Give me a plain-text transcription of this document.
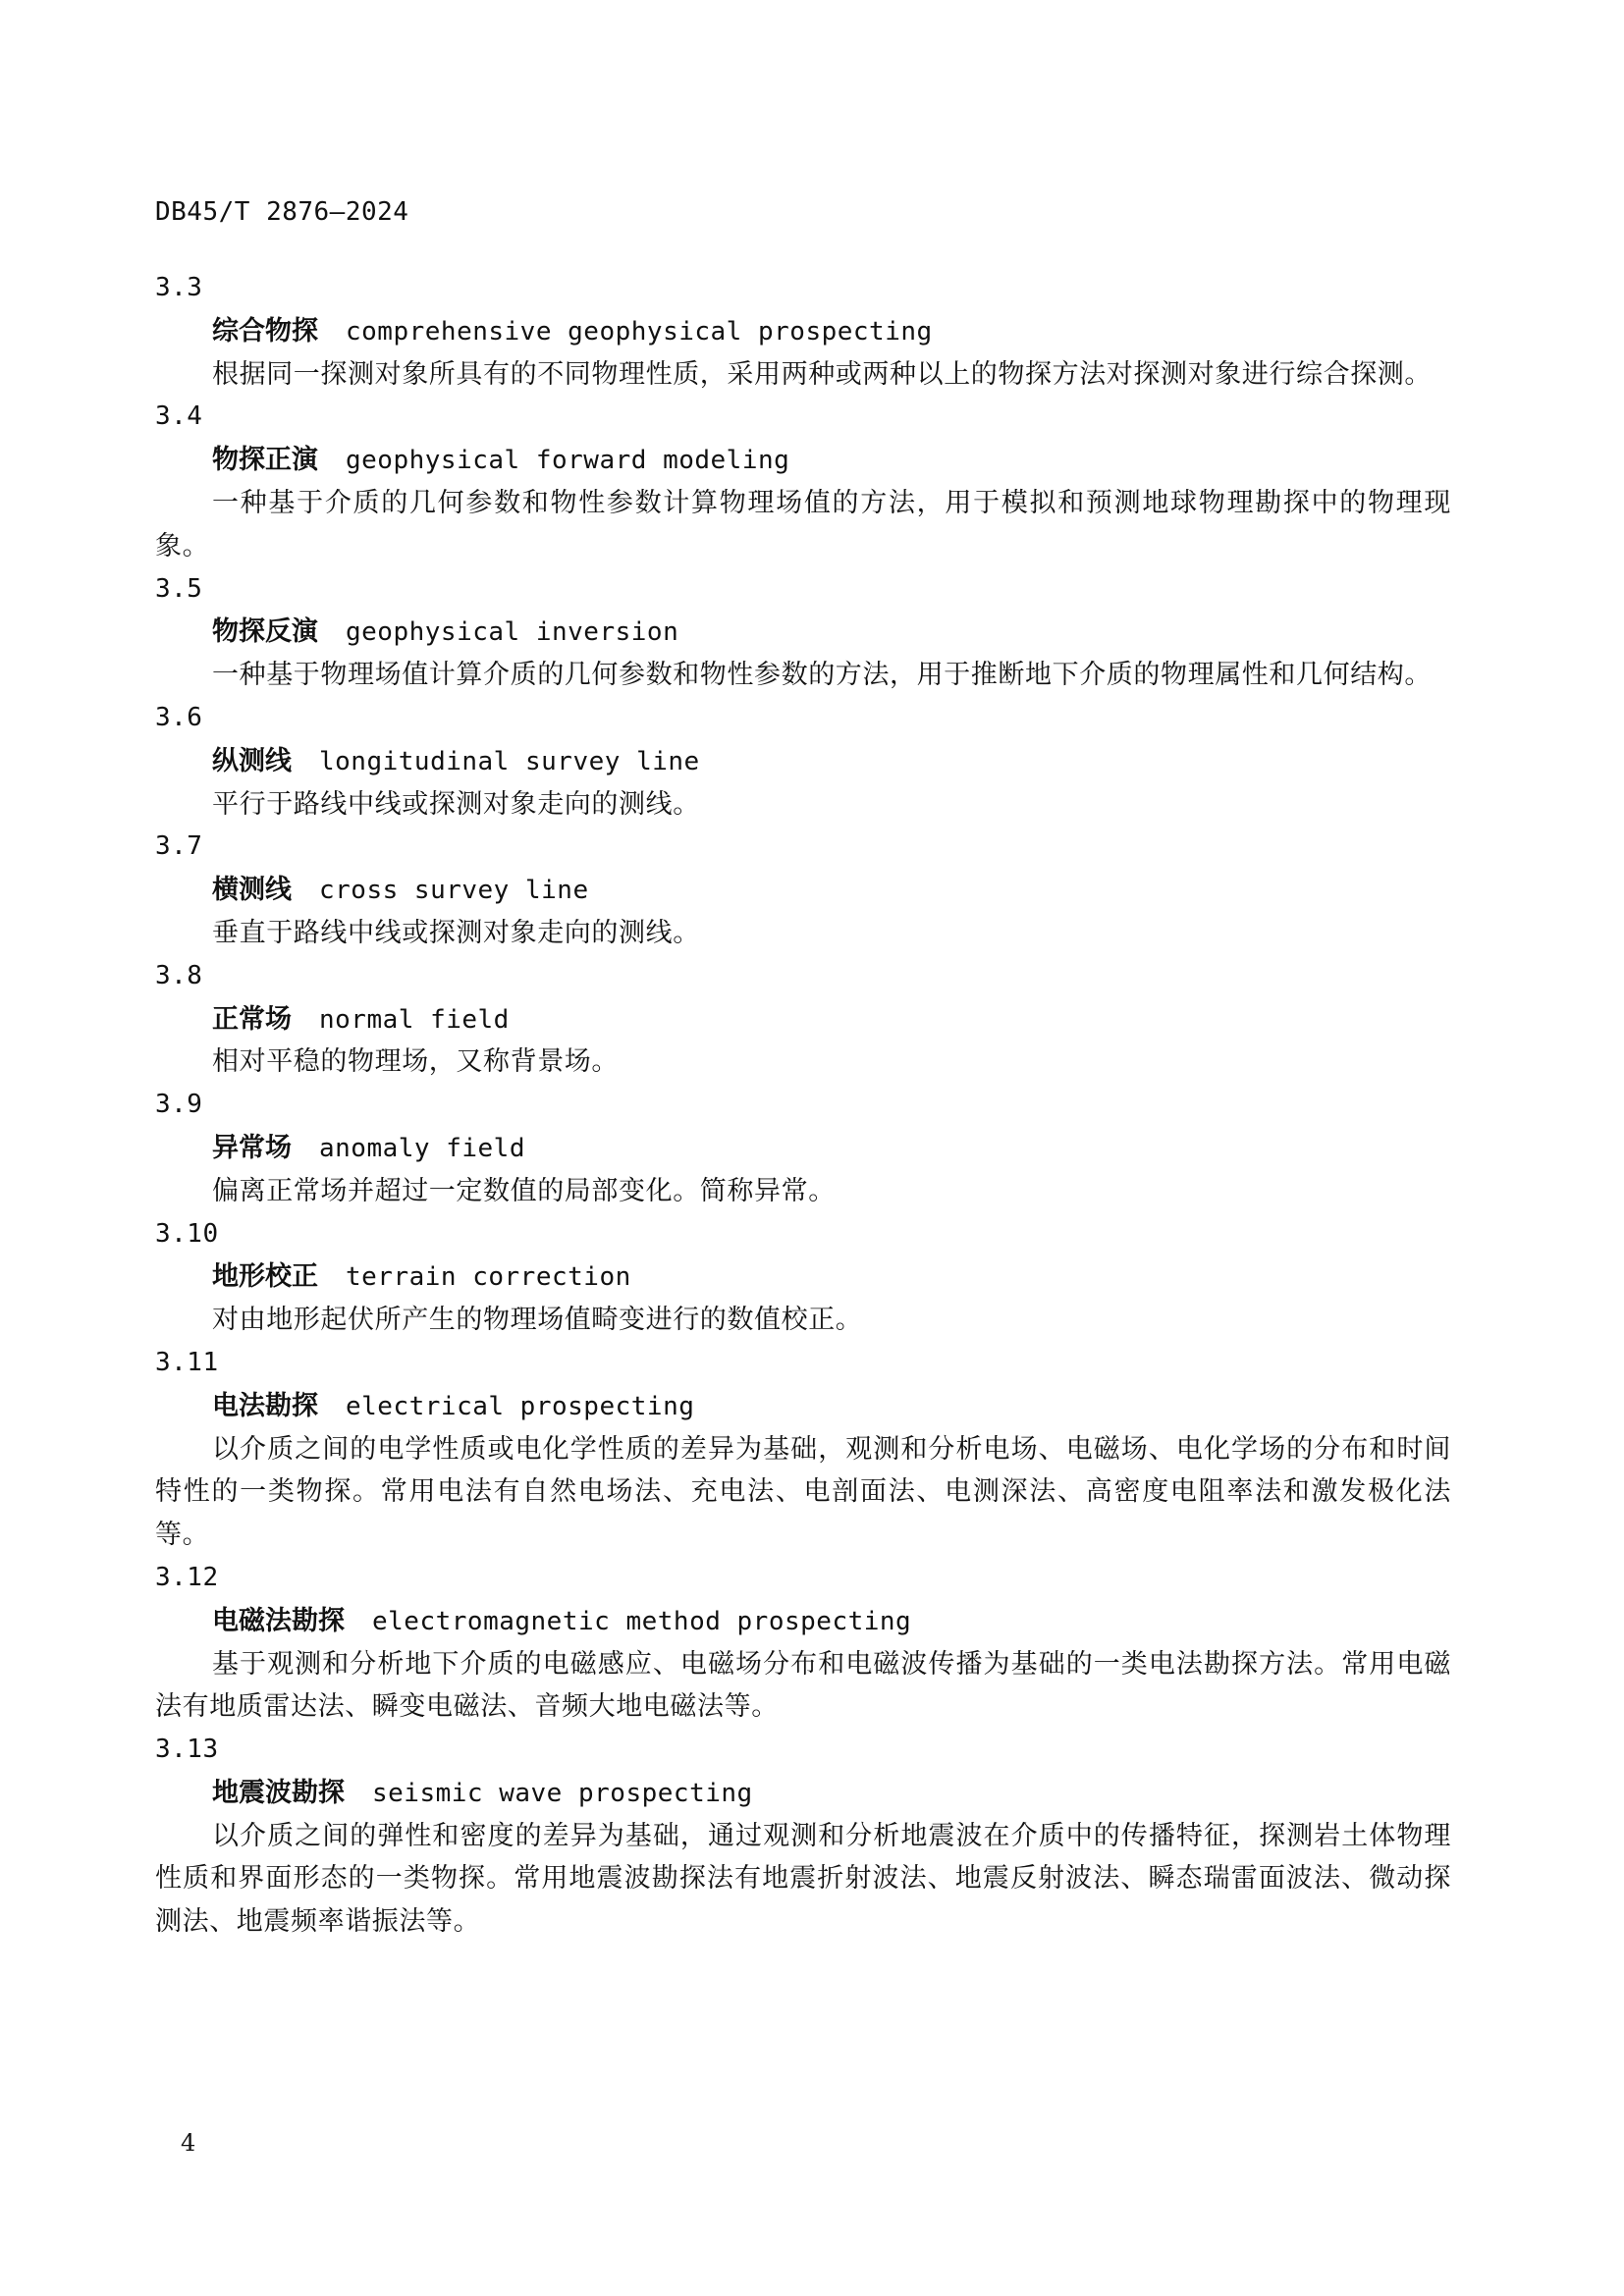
DB45/T 2876—2024
3.3
综合物探 comprehensive geophysical prospecting

根据同一探测对象所具有的不同物理性质，采用两种或两种以上的物探方法对探测对象进行综合探测。

3.4
物探正演 geophysical forward modeling

一种基于介质的几何参数和物性参数计算物理场值的方法，用于模拟和预测地球物理勘探中的物理现象。

3.5
物探反演 geophysical inversion

一种基于物理场值计算介质的几何参数和物性参数的方法，用于推断地下介质的物理属性和几何结构。

3.6
纵测线 longitudinal survey line

平行于路线中线或探测对象走向的测线。

3.7
横测线 cross survey line

垂直于路线中线或探测对象走向的测线。

3.8
正常场 normal field

相对平稳的物理场，又称背景场。

3.9
异常场 anomaly field

偏离正常场并超过一定数值的局部变化。简称异常。

3.10
地形校正 terrain correction

对由地形起伏所产生的物理场值畸变进行的数值校正。

3.11
电法勘探 electrical prospecting

以介质之间的电学性质或电化学性质的差异为基础，观测和分析电场、电磁场、电化学场的分布和时间特性的一类物探。常用电法有自然电场法、充电法、电剖面法、电测深法、高密度电阻率法和激发极化法等。

3.12
电磁法勘探 electromagnetic method prospecting

基于观测和分析地下介质的电磁感应、电磁场分布和电磁波传播为基础的一类电法勘探方法。常用电磁法有地质雷达法、瞬变电磁法、音频大地电磁法等。

3.13
地震波勘探 seismic wave prospecting

以介质之间的弹性和密度的差异为基础，通过观测和分析地震波在介质中的传播特征，探测岩土体物理性质和界面形态的一类物探。常用地震波勘探法有地震折射波法、地震反射波法、瞬态瑞雷面波法、微动探测法、地震频率谐振法等。

4
